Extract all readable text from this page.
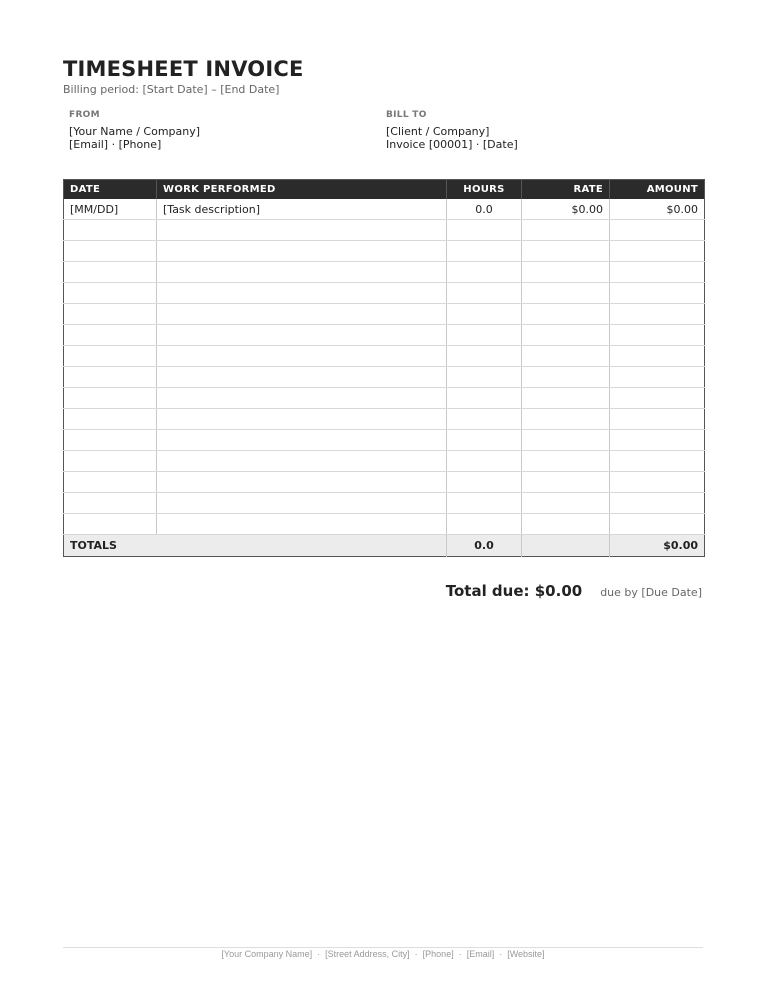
TIMESHEET INVOICE
Billing period: [Start Date] – [End Date]
FROM
[Your Name / Company]
[Email] · [Phone]
BILL TO
[Client / Company]
Invoice [00001] · [Date]
DATE	WORK PERFORMED	HOURS	RATE	AMOUNT
[MM/DD]	[Task description]	0.0	$0.00	$0.00

TOTALS		0.0		$0.00
Total due: $0.00 due by [Due Date]
[Your Company Name] · [Street Address, City] · [Phone] · [Email] · [Website]
